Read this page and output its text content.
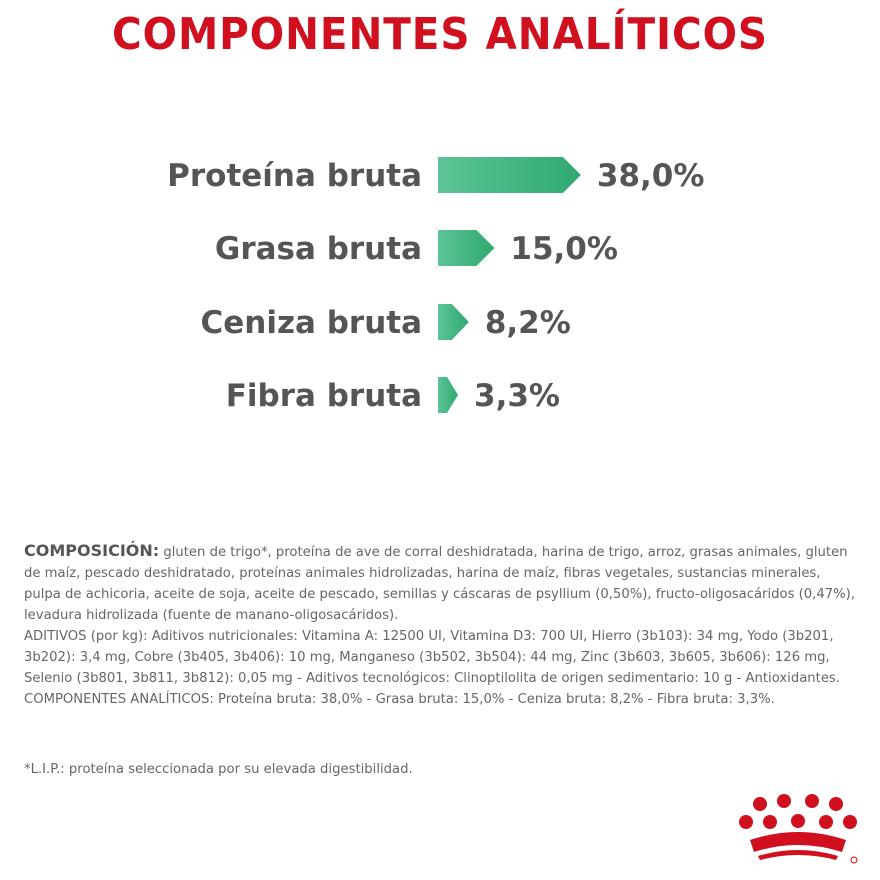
COMPONENTES ANALÍTICOS
Proteína bruta	38,0%
Grasa bruta	15,0%
Ceniza bruta 8,2%
Fibra bruta 3,3%

COMPOSICIÓN: gluten de trigo*, proteína de ave de corral deshidratada, harina de trigo, arroz, grasas animales, gluten de maíz, pescado deshidratado, proteínas animales hidrolizadas, harina de maíz, fibras vegetales, sustancias minerales, pulpa de achicoria, aceite de soja, aceite de pescado, semillas y cáscaras de psyllium (0,50%), fructo-oligosacáridos (0,47%), levadura hidrolizada (fuente de manano-oligosacáridos).

ADITIVOS (por kg): Aditivos nutricionales: Vitamina A: 12500 UI, Vitamina D3: 700 UI, Hierro (3b103): 34 mg, Yodo (3b201, 3b202): 3,4 mg, Cobre (3b405, 3b406): 10 mg, Manganeso (3b502, 3b504): 44 mg, Zinc (3b603, 3b605, 3b606): 126 mg, Selenio (3b801, 3b811, 3b812): 0,05 mg - Aditivos tecnológicos: Clinoptilolita de origen sedimentario: 10 g - Antioxidantes.

COMPONENTES ANALÍTICOS: Proteína bruta: 38,0% - Grasa bruta: 15,0% - Ceniza bruta: 8,2% - Fibra bruta: 3,3%.

*L.I.P.: proteína seleccionada por su elevada digestibilidad.
